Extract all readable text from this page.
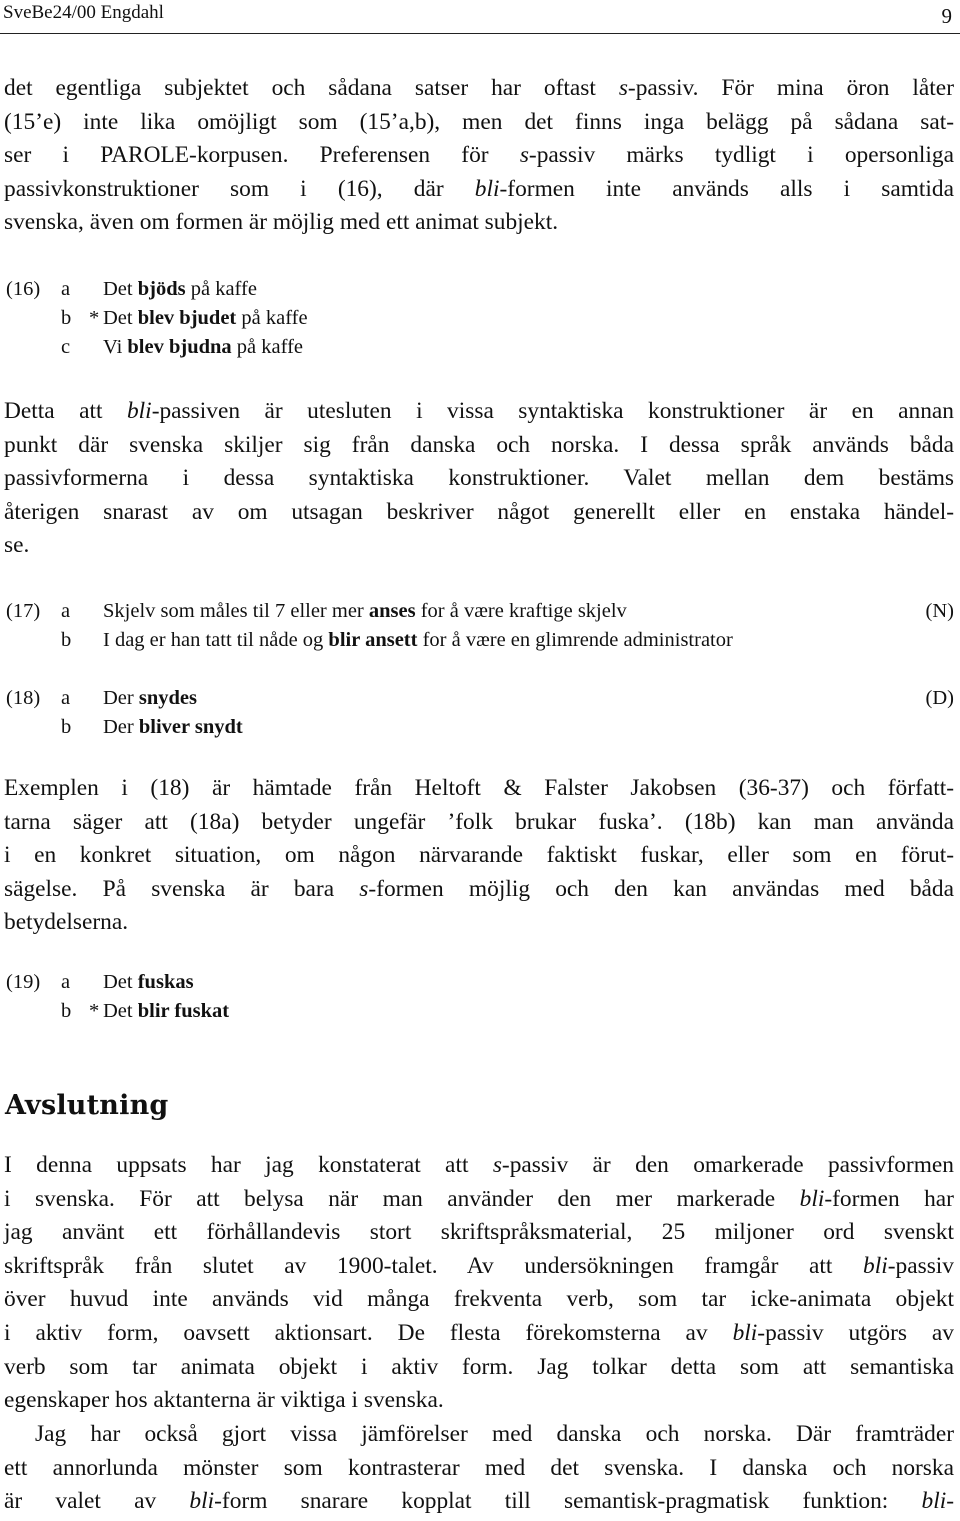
SveBe24/00 Engdahl	9
det egentliga subjektet och sådana satser har oftast s-passiv. För mina öron låter
(15’e) inte lika omöjligt som (15’a,b), men det finns inga belägg på sådana sat-
ser i PAROLE-korpusen. Preferensen för s-passiv märks tydligt i opersonliga
passivkonstruktioner som i (16), där bli-formen inte används alls i samtida
svenska, även om formen är möjlig med ett animat subjekt.
(16)	a	Det bjöds på kaffe
b * Det blev bjudet på kaffe
c	Vi blev bjudna på kaffe
Detta att bli-passiven är utesluten i vissa syntaktiska konstruktioner är en annan
punkt där svenska skiljer sig från danska och norska. I dessa språk används båda
passivformerna i dessa syntaktiska konstruktioner. Valet mellan dem bestäms
återigen snarast av om utsagan beskriver något generellt eller en enstaka händel-
se.
(17)	a	Skjelv som måles til 7 eller mer anses for å være kraftige skjelv	(N)
b	I dag er han tatt til nåde og blir ansett for å være en glimrende administrator
(18)	a	Der snydes	(D)
b	Der bliver snydt
Exemplen i (18) är hämtade från Heltoft & Falster Jakobsen (36-37) och författ-
tarna säger att (18a) betyder ungefär ’folk brukar fuska’. (18b) kan man använda
i en konkret situation, om någon närvarande faktiskt fuskar, eller som en förut-
sägelse. På svenska är bara s-formen möjlig och den kan användas med båda
betydelserna.
(19)	a	Det fuskas
b * Det blir fuskat
Avslutning
I denna uppsats har jag konstaterat att s-passiv är den omarkerade passivformen
i svenska. För att belysa när man använder den mer markerade bli-formen har
jag använt ett förhållandevis stort skriftspråksmaterial, 25 miljoner ord svenskt
skriftspråk från slutet av 1900-talet. Av undersökningen framgår att bli-passiv
över huvud inte används vid många frekventa verb, som tar icke-animata objekt
i aktiv form, oavsett aktionsart. De flesta förekomsterna av bli-passiv utgörs av
verb som tar animata objekt i aktiv form. Jag tolkar detta som att semantiska
egenskaper hos aktanterna är viktiga i svenska.
Jag har också gjort vissa jämförelser med danska och norska. Där framträder
ett annorlunda mönster som kontrasterar med det svenska. I danska och norska
är valet av bli-form snarare kopplat till semantisk-pragmatisk funktion: bli-
